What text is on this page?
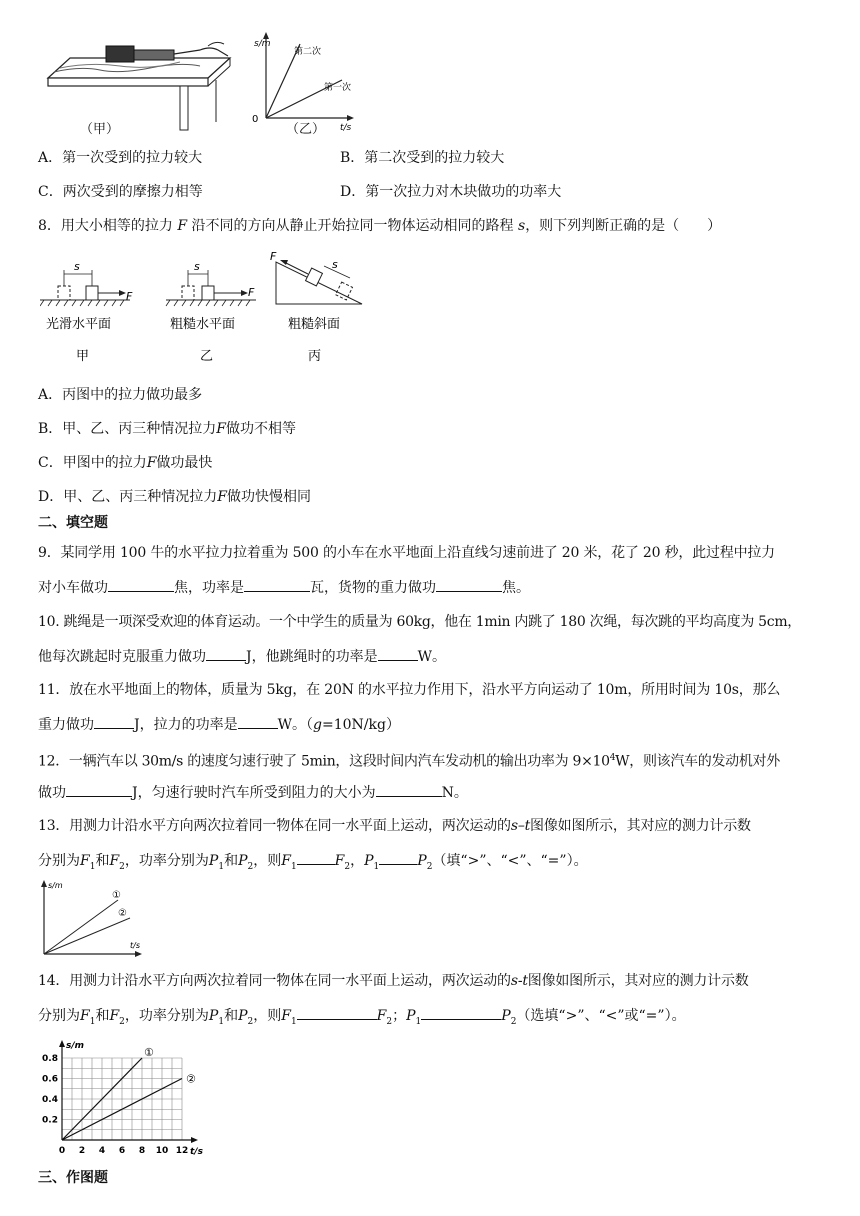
（甲）
s/m
t/s
0
第二次
第一次
（乙）
A．第一次受到的拉力较大	B．第二次受到的拉力较大
C．两次受到的摩擦力相等	D．第一次拉力对木块做功的功率大
8．用大小相等的拉力 F 沿不同的方向从静止开始拉同一物体运动相同的路程 s，则下列判断正确的是（　　）
s
F
s
F
s
F
光滑水平面	粗糙水平面	粗糙斜面
甲	乙	丙
A．丙图中的拉力做功最多
B．甲、乙、丙三种情况拉力F做功不相等
C．甲图中的拉力F做功最快
D．甲、乙、丙三种情况拉力F做功快慢相同
二、填空题
9．某同学用 100 牛的水平拉力拉着重为 500 的小车在水平地面上沿直线匀速前进了 20 米，花了 20 秒，此过程中拉力
对小车做功	焦，功率是	瓦，货物的重力做功	焦。
10. 跳绳是一项深受欢迎的体育运动。一个中学生的质量为 60kg，他在 1min 内跳了 180 次绳，每次跳的平均高度为 5cm，
他每次跳起时克服重力做功	J，他跳绳时的功率是	W。
11．放在水平地面上的物体，质量为 5kg，在 20N 的水平拉力作用下，沿水平方向运动了 10m，所用时间为 10s，那么
重力做功	J，拉力的功率是	W。（g=10N/kg）
12．一辆汽车以 30m/s 的速度匀速行驶了 5min，这段时间内汽车发动机的输出功率为 $9\times 10^4W$，则该汽车的发动机对外
做功	J，匀速行驶时汽车所受到阻力的大小为	N。
13．用测力计沿水平方向两次拉着同一物体在同一水平面上运动，两次运动的s–t图像如图所示，其对应的测力计示数
分别为$F_1$和$F_2$，功率分别为$P_1$和$P_2$，则$F_1$	$F_2$，$P_1$	$P_2$（填“>”、“<”、“=”）。
s/m
t/s
①
②
14．用测力计沿水平方向两次拉着同一物体在同一水平面上运动，两次运动的s-t图像如图所示，其对应的测力计示数
分别为$F_1$和$F_2$，功率分别为$P_1$和$P_2$，则$F_1$	$F_2$；$P_1$	$P_2$（选填“>”、“<”或“=”）。
①
②
s/m
t/s
0.8
0.6
0.4
0.2
0 2 4 6 8 10 12
三、作图题
